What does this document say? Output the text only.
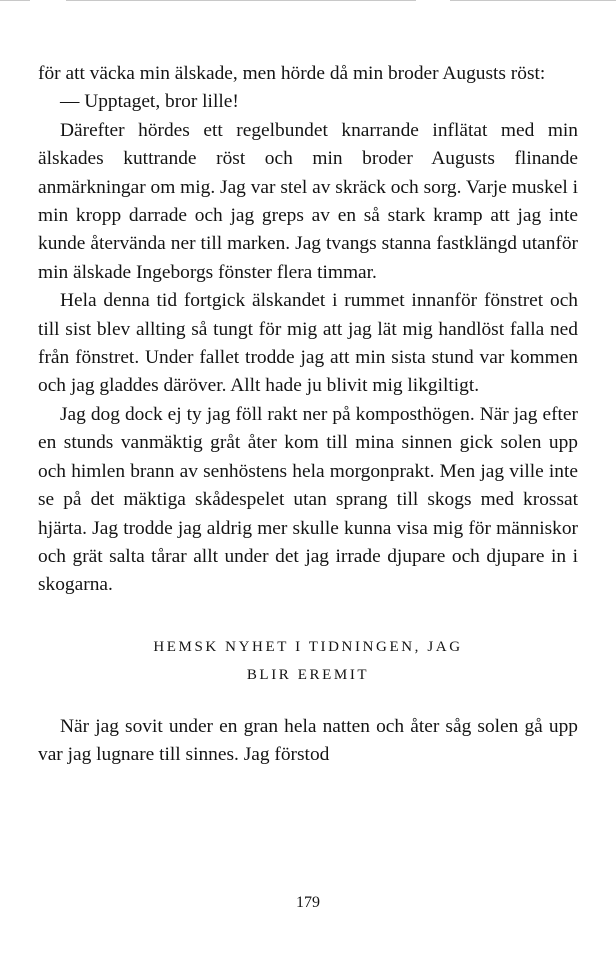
för att väcka min älskade, men hörde då min broder Augusts röst:

— Upptaget, bror lille!

Därefter hördes ett regelbundet knarrande inflätat med min älskades kuttrande röst och min broder Augusts flinande anmärkningar om mig. Jag var stel av skräck och sorg. Varje muskel i min kropp darrade och jag greps av en så stark kramp att jag inte kunde återvända ner till marken. Jag tvangs stanna fastklängd utanför min älskade Ingeborgs fönster flera timmar.

Hela denna tid fortgick älskandet i rummet innanför fönstret och till sist blev allting så tungt för mig att jag lät mig handlöst falla ned från fönstret. Under fallet trodde jag att min sista stund var kommen och jag gladdes däröver. Allt hade ju blivit mig likgiltigt.

Jag dog dock ej ty jag föll rakt ner på komposthögen. När jag efter en stunds vanmäktig gråt åter kom till mina sinnen gick solen upp och himlen brann av senhöstens hela morgonprakt. Men jag ville inte se på det mäktiga skådespelet utan sprang till skogs med krossat hjärta. Jag trodde jag aldrig mer skulle kunna visa mig för människor och grät salta tårar allt under det jag irrade djupare och djupare in i skogarna.

HEMSK NYHET I TIDNINGEN, JAG
BLIR EREMIT

När jag sovit under en gran hela natten och åter såg solen gå upp var jag lugnare till sinnes. Jag förstod

179
